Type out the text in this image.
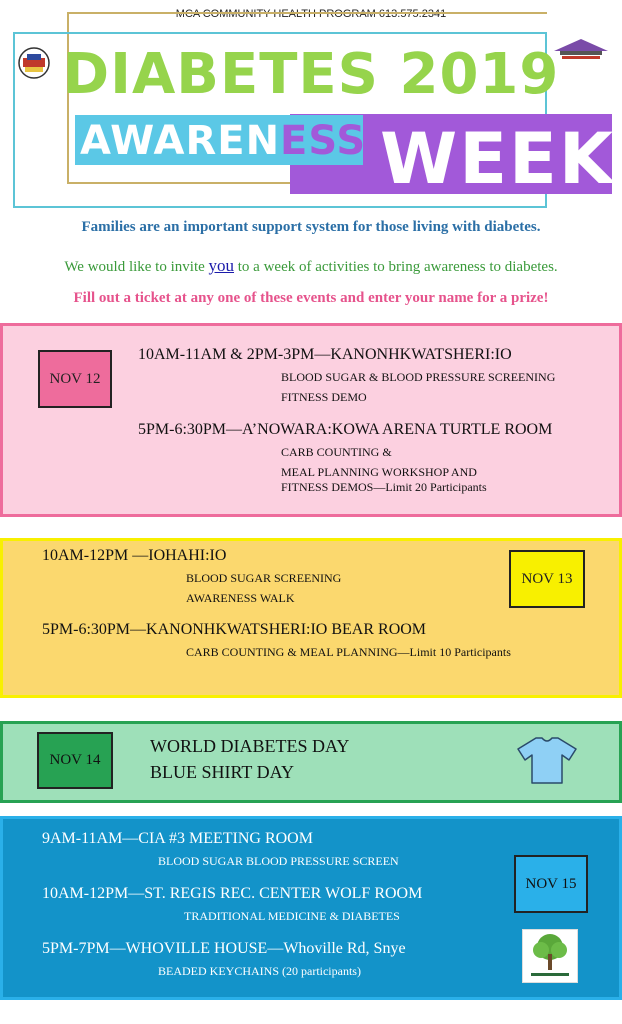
MCA COMMUNITY HEALTH PROGRAM 613.575.2341
DIABETES 2019
AWARENESS WEEK
Families are an important support system for those living with diabetes.
We would like to invite you to a week of activities to bring awareness to diabetes.
Fill out a ticket at any one of these events and enter your name for a prize!
NOV 12
10AM-11AM & 2PM-3PM—KANONHKWATSHERI:IO
BLOOD SUGAR & BLOOD PRESSURE SCREENING
FITNESS DEMO
5PM-6:30PM—A’NOWARA:KOWA ARENA TURTLE ROOM
CARB COUNTING &
MEAL PLANNING WORKSHOP AND
FITNESS DEMOS—Limit 20 Participants
NOV 13
10AM-12PM —IOHAHI:IO
BLOOD SUGAR SCREENING
AWARENESS WALK
5PM-6:30PM—KANONHKWATSHERI:IO BEAR ROOM
CARB COUNTING & MEAL PLANNING—Limit 10 Participants
NOV 14
WORLD DIABETES DAY
BLUE SHIRT DAY
NOV 15
9AM-11AM—CIA #3 MEETING ROOM
BLOOD SUGAR BLOOD PRESSURE SCREEN
10AM-12PM—ST. REGIS REC. CENTER WOLF ROOM
TRADITIONAL MEDICINE & DIABETES
5PM-7PM—WHOVILLE HOUSE—Whoville Rd, Snye
BEADED KEYCHAINS (20 participants)
